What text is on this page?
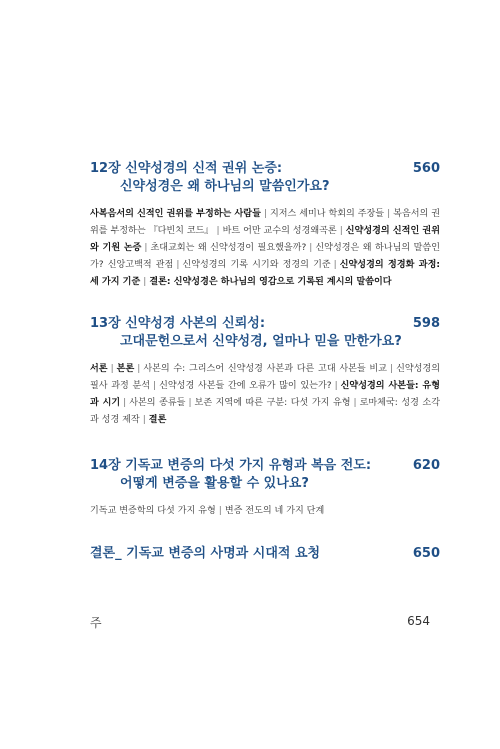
12장 신약성경의 신적 권위 논증:
신약성경은 왜 하나님의 말씀인가요?
560
사복음서의 신적인 권위를 부정하는 사람들 | 지저스 세미나 학회의 주장들 | 복음서의 권위를 부정하는 『다빈치 코드』 | 바트 어만 교수의 성경왜곡론 | 신약성경의 신적인 권위와 기원 논증 | 초대교회는 왜 신약성경이 필요했을까? | 신약성경은 왜 하나님의 말씀인가? 신앙고백적 관점 | 신약성경의 기록 시기와 정경의 기준 | 신약성경의 정경화 과정: 세 가지 기준 | 결론: 신약성경은 하나님의 영감으로 기록된 계시의 말씀이다
13장 신약성경 사본의 신뢰성:
고대문헌으로서 신약성경, 얼마나 믿을 만한가요?
598
서론 | 본론 | 사본의 수: 그리스어 신약성경 사본과 다른 고대 사본들 비교 | 신약성경의 필사 과정 분석 | 신약성경 사본들 간에 오류가 많이 있는가? | 신약성경의 사본들: 유형과 시기 | 사본의 종류들 | 보존 지역에 따른 구분: 다섯 가지 유형 | 로마체국: 성경 소각과 성경 제작 | 결론
14장 기독교 변증의 다섯 가지 유형과 복음 전도:
어떻게 변증을 활용할 수 있나요?
620
기독교 변증학의 다섯 가지 유형 | 변증 전도의 네 가지 단계
결론_ 기독교 변증의 사명과 시대적 요청	650
주	654
